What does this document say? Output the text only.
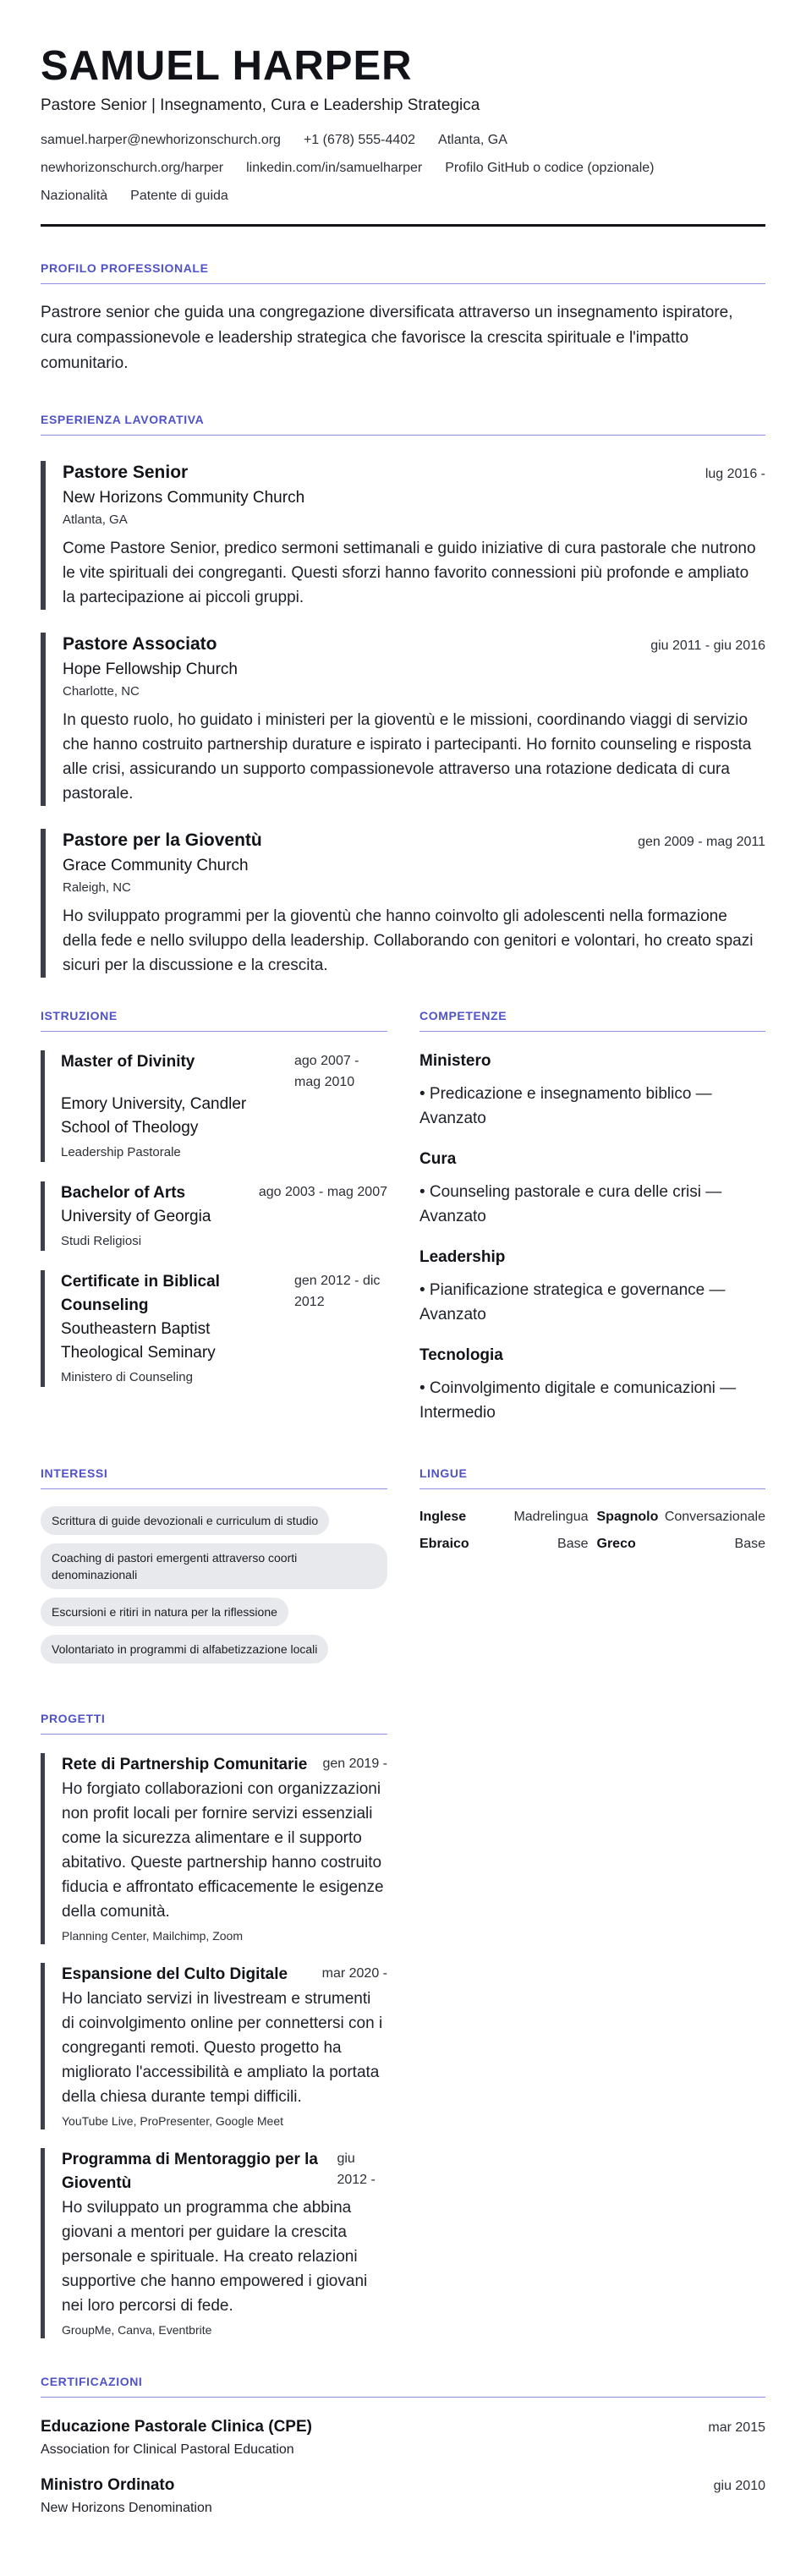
SAMUEL HARPER
Pastore Senior | Insegnamento, Cura e Leadership Strategica
samuel.harper@newhorizonschurch.org +1 (678) 555-4402 Atlanta, GA
newhorizonschurch.org/harper linkedin.com/in/samuelharper Profilo GitHub o codice (opzionale)
Nazionalità Patente di guida
PROFILO PROFESSIONALE
Pastrore senior che guida una congregazione diversificata attraverso un insegnamento ispiratore, cura compassionevole e leadership strategica che favorisce la crescita spirituale e l'impatto comunitario.
ESPERIENZA LAVORATIVA
Pastore Senior	lug 2016 -
New Horizons Community Church
Atlanta, GA
Come Pastore Senior, predico sermoni settimanali e guido iniziative di cura pastorale che nutrono le vite spirituali dei congreganti. Questi sforzi hanno favorito connessioni più profonde e ampliato la partecipazione ai piccoli gruppi.
Pastore Associato	giu 2011 - giu 2016
Hope Fellowship Church
Charlotte, NC
In questo ruolo, ho guidato i ministeri per la gioventù e le missioni, coordinando viaggi di servizio che hanno costruito partnership durature e ispirato i partecipanti. Ho fornito counseling e risposta alle crisi, assicurando un supporto compassionevole attraverso una rotazione dedicata di cura pastorale.
Pastore per la Gioventù	gen 2009 - mag 2011
Grace Community Church
Raleigh, NC
Ho sviluppato programmi per la gioventù che hanno coinvolto gli adolescenti nella formazione della fede e nello sviluppo della leadership. Collaborando con genitori e volontari, ho creato spazi sicuri per la discussione e la crescita.
ISTRUZIONE
Master of Divinity	ago 2007 - mag 2010
Emory University, Candler School of Theology
Leadership Pastorale
Bachelor of Arts	ago 2003 - mag 2007
University of Georgia
Studi Religiosi
Certificate in Biblical Counseling
gen 2012 - dic 2012
Southeastern Baptist Theological Seminary
Ministero di Counseling
COMPETENZE
Ministero
• Predicazione e insegnamento biblico — Avanzato
Cura
• Counseling pastorale e cura delle crisi — Avanzato
Leadership
• Pianificazione strategica e governance — Avanzato
Tecnologia
• Coinvolgimento digitale e comunicazioni — Intermedio
INTERESSI
Scrittura di guide devozionali e curriculum di studio
Coaching di pastori emergenti attraverso coorti denominazionali
Escursioni e ritiri in natura per la riflessione
Volontariato in programmi di alfabetizzazione locali
PROGETTI
Rete di Partnership Comunitarie gen 2019 -
Ho forgiato collaborazioni con organizzazioni non profit locali per fornire servizi essenziali come la sicurezza alimentare e il supporto abitativo. Queste partnership hanno costruito fiducia e affrontato efficacemente le esigenze della comunità.
Planning Center, Mailchimp, Zoom
Espansione del Culto Digitale	mar 2020 -
Ho lanciato servizi in livestream e strumenti di coinvolgimento online per connettersi con i congreganti remoti. Questo progetto ha migliorato l'accessibilità e ampliato la portata della chiesa durante tempi difficili.
YouTube Live, ProPresenter, Google Meet
Programma di Mentoraggio per la Gioventù
giu 2012 -
Ho sviluppato un programma che abbina giovani a mentori per guidare la crescita personale e spirituale. Ha creato relazioni supportive che hanno empowered i giovani nei loro percorsi di fede.
GroupMe, Canva, Eventbrite
LINGUE
Inglese	Madrelingua Spagnolo Conversazionale
Ebraico	Base Greco	Base
CERTIFICAZIONI
Educazione Pastorale Clinica (CPE)	mar 2015
Association for Clinical Pastoral Education
Ministro Ordinato	giu 2010
New Horizons Denomination
